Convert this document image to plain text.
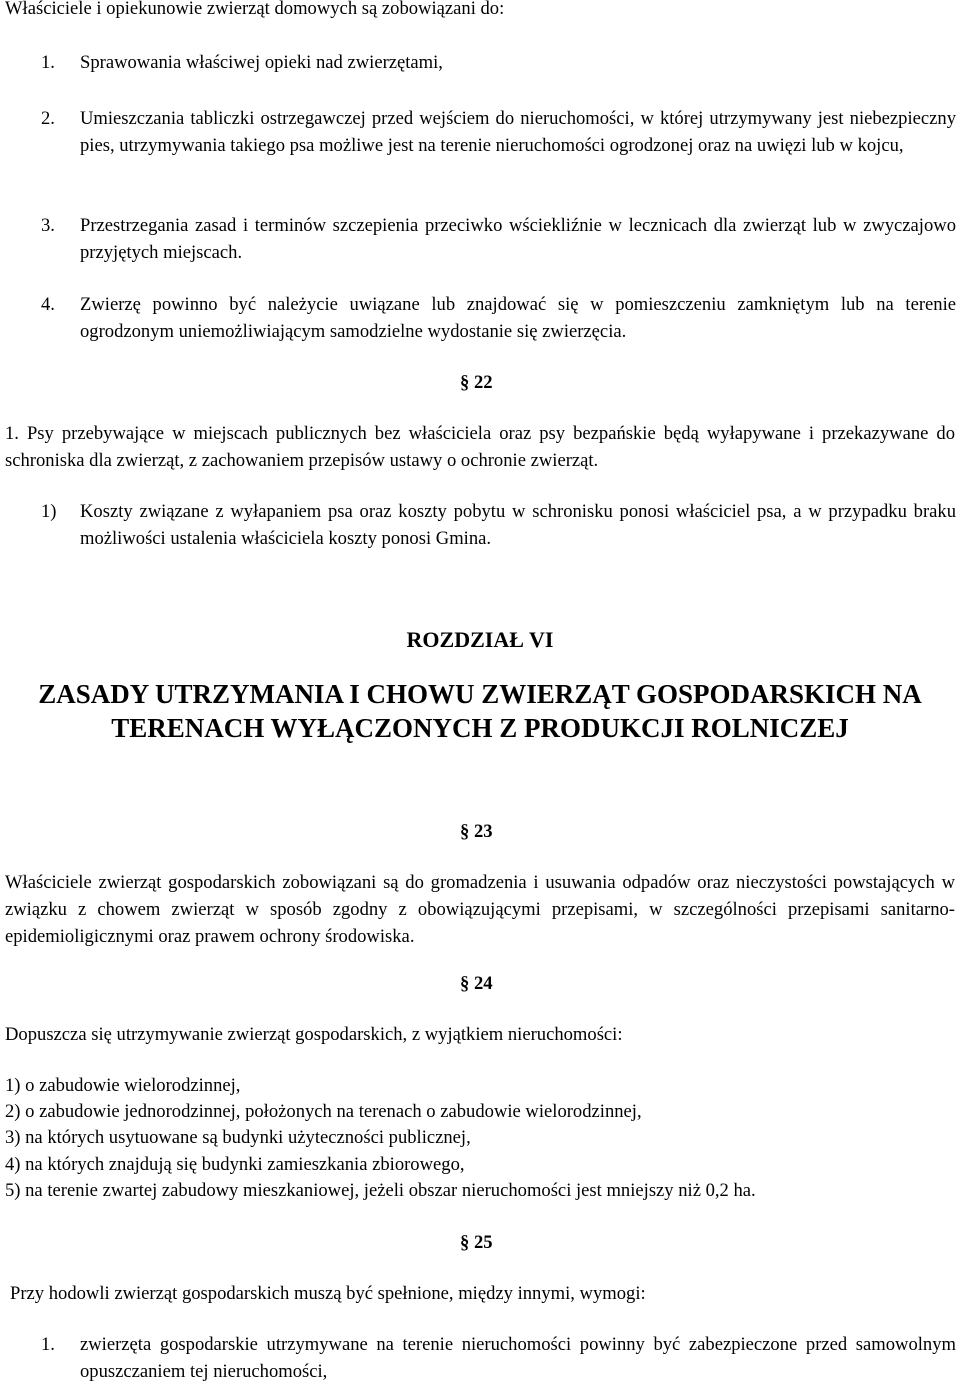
Właściciele i opiekunowie zwierząt domowych są zobowiązani do:

1.	Sprawowania właściwej opieki nad zwierzętami,

2.	Umieszczania tabliczki ostrzegawczej przed wejściem do nieruchomości, w której utrzymywany jest niebezpieczny pies, utrzymywania takiego psa możliwe jest na terenie nieruchomości ogrodzonej oraz na uwięzi lub w kojcu,

3.	Przestrzegania zasad i terminów szczepienia przeciwko wściekliźnie w lecznicach dla zwierząt lub w zwyczajowo przyjętych miejscach.

4.	Zwierzę powinno być należycie uwiązane lub znajdować się w pomieszczeniu zamkniętym lub na terenie ogrodzonym uniemożliwiającym samodzielne wydostanie się zwierzęcia.

§ 22

1. Psy przebywające w miejscach publicznych bez właściciela oraz psy bezpańskie będą wyłapywane i przekazywane do schroniska dla zwierząt, z zachowaniem przepisów ustawy o ochronie zwierząt.

1)	Koszty związane z wyłapaniem psa oraz koszty pobytu w schronisku ponosi właściciel psa, a w przypadku braku możliwości ustalenia właściciela koszty ponosi Gmina.

ROZDZIAŁ VI
ZASADY UTRZYMANIA I CHOWU ZWIERZĄT GOSPODARSKICH NA
TERENACH WYŁĄCZONYCH Z PRODUKCJI ROLNICZEJ
§ 23

Właściciele zwierząt gospodarskich zobowiązani są do gromadzenia i usuwania odpadów oraz nieczystości powstających w związku z chowem zwierząt w sposób zgodny z obowiązującymi przepisami, w szczególności przepisami sanitarno-epidemioligicznymi oraz prawem ochrony środowiska.

§ 24

Dopuszcza się utrzymywanie zwierząt gospodarskich, z wyjątkiem nieruchomości:

1) o zabudowie wielorodzinnej,
2) o zabudowie jednorodzinnej, położonych na terenach o zabudowie wielorodzinnej,
3) na których usytuowane są budynki użyteczności publicznej,
4) na których znajdują się budynki zamieszkania zbiorowego,
5) na terenie zwartej zabudowy mieszkaniowej, jeżeli obszar nieruchomości jest mniejszy niż 0,2 ha.
§ 25

Przy hodowli zwierząt gospodarskich muszą być spełnione, między innymi, wymogi:

1.	zwierzęta gospodarskie utrzymywane na terenie nieruchomości powinny być zabezpieczone przed samowolnym opuszczaniem tej nieruchomości,
